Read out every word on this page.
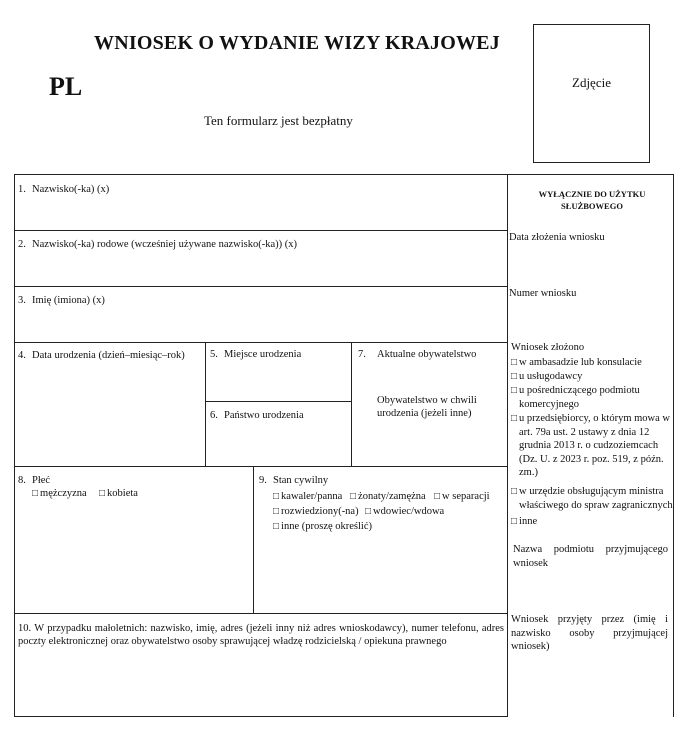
WNIOSEK O WYDANIE WIZY KRAJOWEJ
PL
Ten formularz jest bezpłatny
Zdjęcie
1. Nazwisko(-ka) (x)
2. Nazwisko(-ka) rodowe (wcześniej używane nazwisko(-ka)) (x)
3. Imię (imiona) (x)
4. Data urodzenia (dzień–miesiąc–rok) 5. Miejsce urodzenia
6. Państwo urodzenia
7. Aktualne obywatelstwo
Obywatelstwo w chwili urodzenia (jeżeli inne)
8. Płeć
□ mężczyzna □ kobieta
9. Stan cywilny
□ kawaler/panna □ żonaty/zamężna □ w separacji
□ rozwiedziony(-na) □ wdowiec/wdowa
□ inne (proszę określić)
10. W przypadku małoletnich: nazwisko, imię, adres (jeżeli inny niż adres wnioskodawcy), numer telefonu, adres poczty elektronicznej oraz obywatelstwo osoby sprawującej władzę rodzicielską / opiekuna prawnego
WYŁĄCZNIE DO UŻYTKU
SŁUŻBOWEGO
Data złożenia wniosku
Numer wniosku
Wniosek złożono
□ w ambasadzie lub konsulacie
□ u usługodawcy
□ u pośredniczącego podmiotu komercyjnego
□ u przedsiębiorcy, o którym mowa w art. 79a ust. 2 ustawy z dnia 12 grudnia 2013 r. o cudzoziemcach (Dz. U. z 2023 r. poz. 519, z późn. zm.)
□ w urzędzie obsługującym ministra właściwego do spraw zagranicznych
□ inne
Nazwa podmiotu przyjmującego wniosek
Wniosek przyjęty przez (imię i nazwisko osoby przyjmującej wniosek)
